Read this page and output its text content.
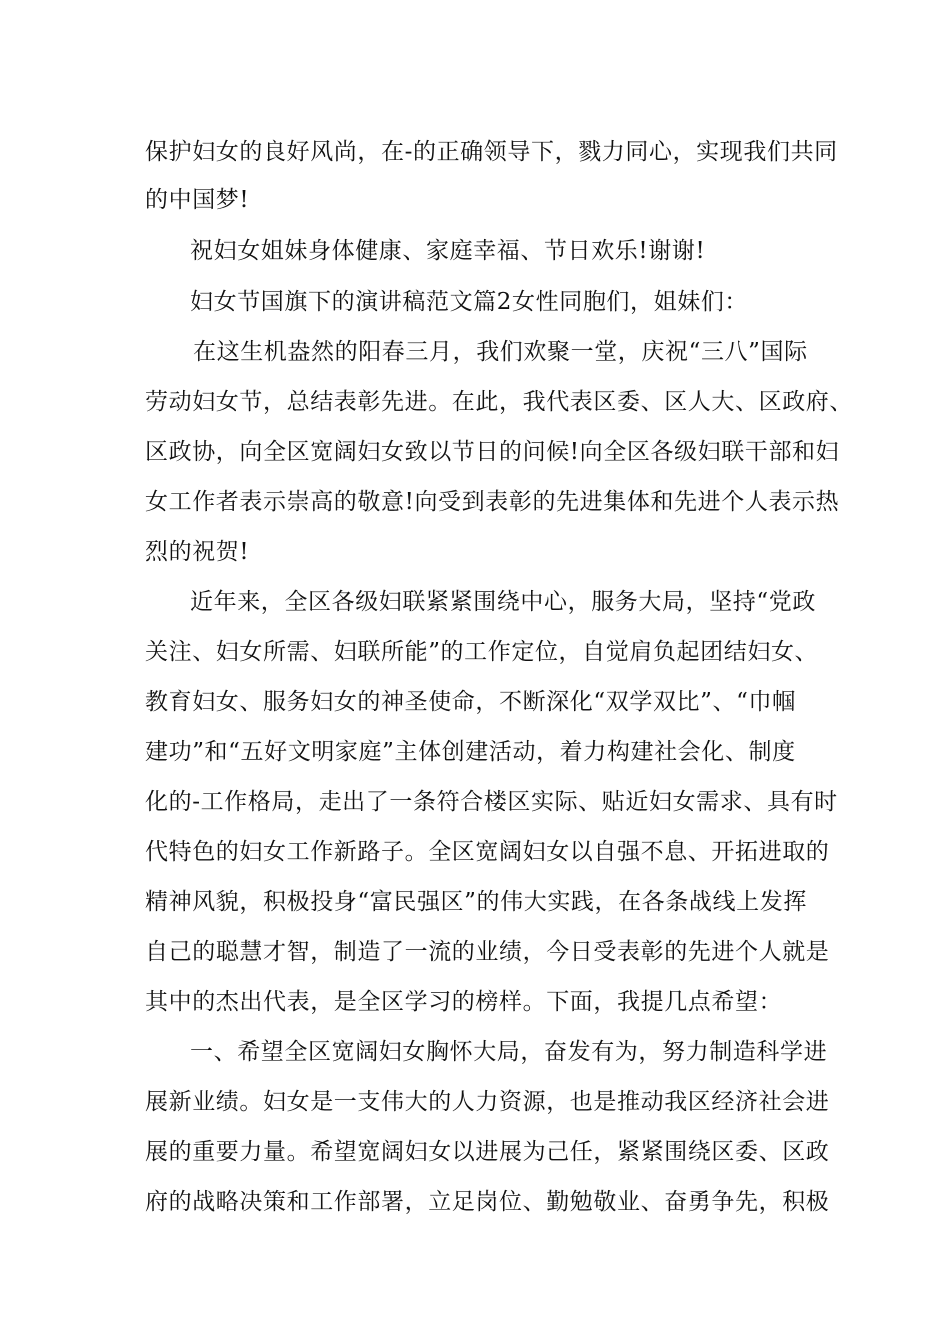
保护妇女的良好风尚，在-的正确领导下，戮力同心，实现我们共同
的中国梦!
祝妇女姐妹身体健康、家庭幸福、节日欢乐!谢谢!
妇女节国旗下的演讲稿范文篇2女性同胞们，姐妹们：
在这生机盎然的阳春三月，我们欢聚一堂，庆祝“三八”国际
劳动妇女节，总结表彰先进。在此，我代表区委、区人大、区政府、
区政协，向全区宽阔妇女致以节日的问候!向全区各级妇联干部和妇
女工作者表示崇高的敬意!向受到表彰的先进集体和先进个人表示热
烈的祝贺!
近年来，全区各级妇联紧紧围绕中心，服务大局，坚持“党政
关注、妇女所需、妇联所能”的工作定位，自觉肩负起团结妇女、
教育妇女、服务妇女的神圣使命，不断深化“双学双比”、“巾帼
建功”和“五好文明家庭”主体创建活动，着力构建社会化、制度
化的-工作格局，走出了一条符合楼区实际、贴近妇女需求、具有时
代特色的妇女工作新路子。全区宽阔妇女以自强不息、开拓进取的
精神风貌，积极投身“富民强区”的伟大实践，在各条战线上发挥
自己的聪慧才智，制造了一流的业绩，今日受表彰的先进个人就是
其中的杰出代表，是全区学习的榜样。下面，我提几点希望：
一、希望全区宽阔妇女胸怀大局，奋发有为，努力制造科学进
展新业绩。妇女是一支伟大的人力资源，也是推动我区经济社会进
展的重要力量。希望宽阔妇女以进展为己任，紧紧围绕区委、区政
府的战略决策和工作部署，立足岗位、勤勉敬业、奋勇争先，积极
